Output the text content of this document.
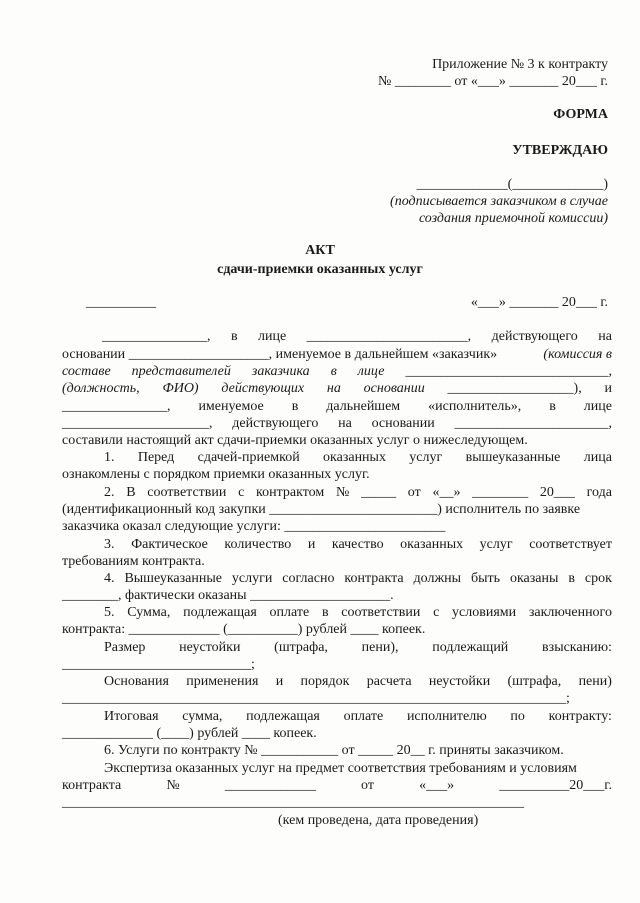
Приложение № 3 к контракту
№ ________ от «___» _______ 20___ г.
ФОРМА
УТВЕРЖДАЮ
_____________(_____________)
(подписывается заказчиком в случае
создания приемочной комиссии)
АКТ
сдачи-приемки оказанных услуг
__________	«___» _______ 20___ г.
_______________, в лице _______________________, действующего на
основании ____________________, именуемое в дальнейшем «заказчик»	(комиссия в
составе представителей заказчика в лице _____________________________,
(должность, ФИО) действующих на основании __________________), и
_______________, именуемое в дальнейшем «исполнитель», в лице
_____________________, действующего на основании ______________________,
составили настоящий акт сдачи-приемки оказанных услуг о нижеследующем.
1. Перед сдачей-приемкой оказанных услуг вышеуказанные лица
ознакомлены с порядком приемки оказанных услуг.
2. В соответствии с контрактом № _____ от «__» ________ 20___ года
(идентификационный код закупки ________________________) исполнитель по заявке
заказчика оказал следующие услуги: _______________________
3. Фактическое количество и качество оказанных услуг соответствует
требованиям контракта.
4. Вышеуказанные услуги согласно контракта должны быть оказаны в срок
________, фактически оказаны ____________________.
5. Сумма, подлежащая оплате в соответствии с условиями заключенного
контракта: _____________ (__________) рублей ____ копеек.
Размер неустойки (штрафа, пени), подлежащий взысканию:
___________________________;
Основания применения и порядок расчета неустойки (штрафа, пени)
________________________________________________________________________;
Итоговая сумма, подлежащая оплате исполнителю по контракту:
_____________ (____) рублей ____ копеек.
6. Услуги по контракту № ___________ от _____ 20__ г. приняты заказчиком.
Экспертиза оказанных услуг на предмет соответствия требованиям и условиям
контракта	№	_____________	от	«___»	__________20___г.
__________________________________________________________________
(кем проведена, дата проведения)
